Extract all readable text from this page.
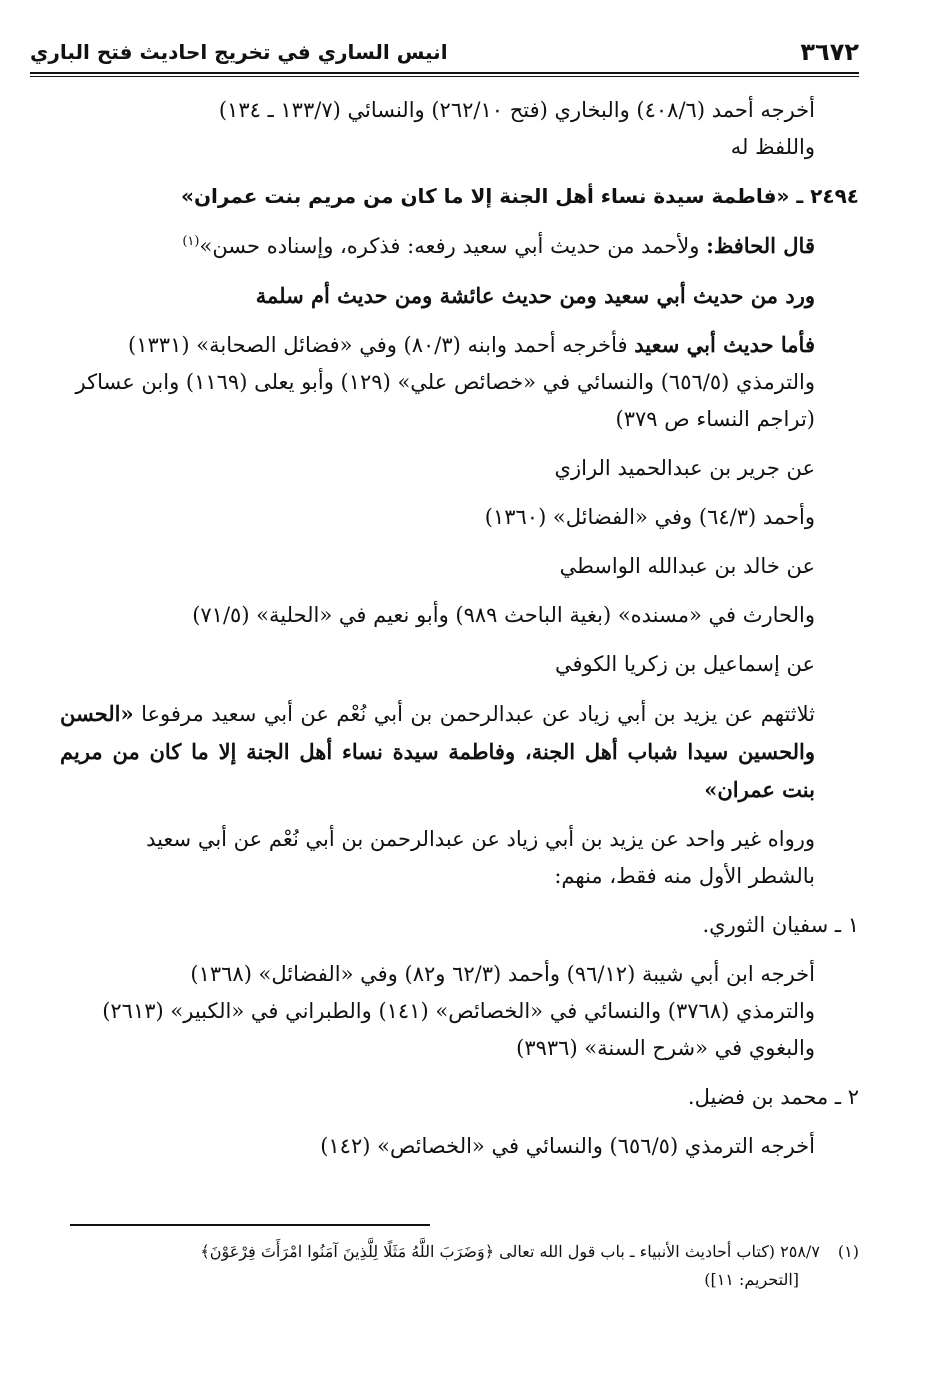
٣٦٧٢
انيس الساري في تخريج احاديث فتح الباري

أخرجه أحمد (٤٠٨/٦) والبخاري (فتح ٢٦٢/١٠) والنسائي (١٣٣/٧ ـ ١٣٤)
واللفظ له

٢٤٩٤ ـ «فاطمة سيدة نساء أهل الجنة إلا ما كان من مريم بنت عمران»

قال الحافظ: ولأحمد من حديث أبي سعيد رفعه: فذكره، وإسناده حسن»$^{(١)}$

ورد من حديث أبي سعيد ومن حديث عائشة ومن حديث أم سلمة

فأما حديث أبي سعيد فأخرجه أحمد وابنه (٨٠/٣) وفي «فضائل الصحابة» (١٣٣١)
والترمذي (٦٥٦/٥) والنسائي في «خصائص علي» (١٢٩) وأبو يعلى (١١٦٩) وابن عساكر
(تراجم النساء ص ٣٧٩)

عن جرير بن عبدالحميد الرازي

وأحمد (٦٤/٣) وفي «الفضائل» (١٣٦٠)

عن خالد بن عبدالله الواسطي

والحارث في «مسنده» (بغية الباحث ٩٨٩) وأبو نعيم في «الحلية» (٧١/٥)

عن إسماعيل بن زكريا الكوفي

ثلاثتهم عن يزيد بن أبي زياد عن عبدالرحمن بن أبي نُعْم عن أبي سعيد مرفوعا «الحسن والحسين سيدا شباب أهل الجنة، وفاطمة سيدة نساء أهل الجنة إلا ما كان من مريم بنت عمران»

ورواه غير واحد عن يزيد بن أبي زياد عن عبدالرحمن بن أبي نُعْم عن أبي سعيد
بالشطر الأول منه فقط، منهم:

١ ـ سفيان الثوري.

أخرجه ابن أبي شيبة (٩٦/١٢) وأحمد (٦٢/٣ و٨٢) وفي «الفضائل» (١٣٦٨)
والترمذي (٣٧٦٨) والنسائي في «الخصائص» (١٤١) والطبراني في «الكبير» (٢٦١٣)
والبغوي في «شرح السنة» (٣٩٣٦)

٢ ـ محمد بن فضيل.

أخرجه الترمذي (٦٥٦/٥) والنسائي في «الخصائص» (١٤٢)

(١)٢٥٨/٧ (كتاب أحاديث الأنبياء ـ باب قول الله تعالى ﴿وَضَرَبَ اللَّهُ مَثَلًا لِلَّذِينَ آمَنُوا امْرَأَتَ فِرْعَوْنَ﴾
[التحريم: ١١])
